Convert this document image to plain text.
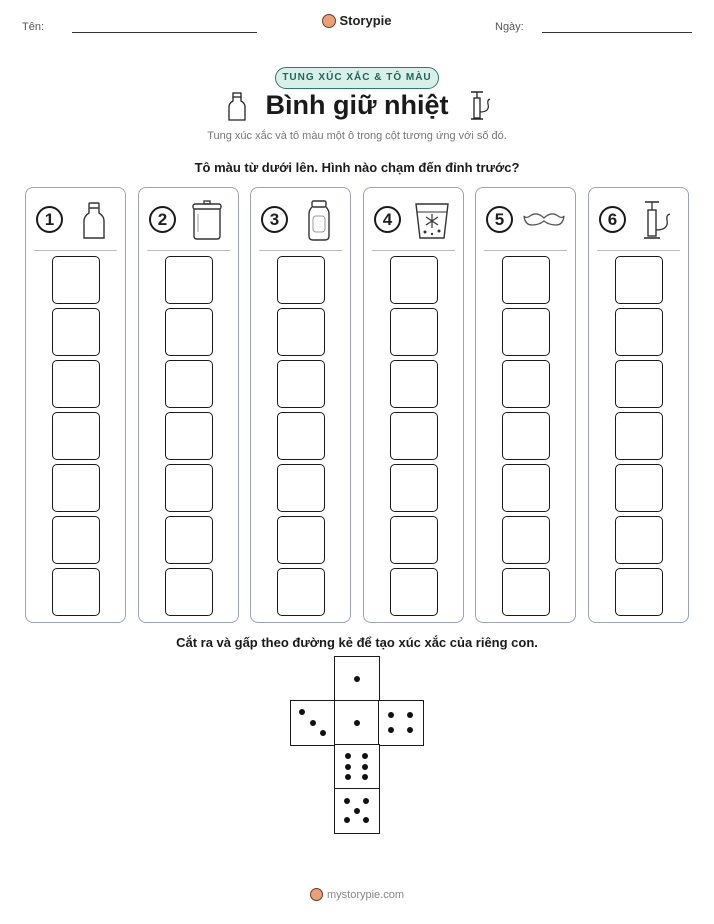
Tên:	Ngày:
Storypie
TUNG XÚC XẮC & TÔ MÀU
Bình giữ nhiệt
Tung xúc xắc và tô màu một ô trong cột tương ứng với số đó.
Tô màu từ dưới lên. Hình nào chạm đến đỉnh trước?
1	2	3	4	5	6
Cắt ra và gấp theo đường kẻ để tạo xúc xắc của riêng con.
mystorypie.com
